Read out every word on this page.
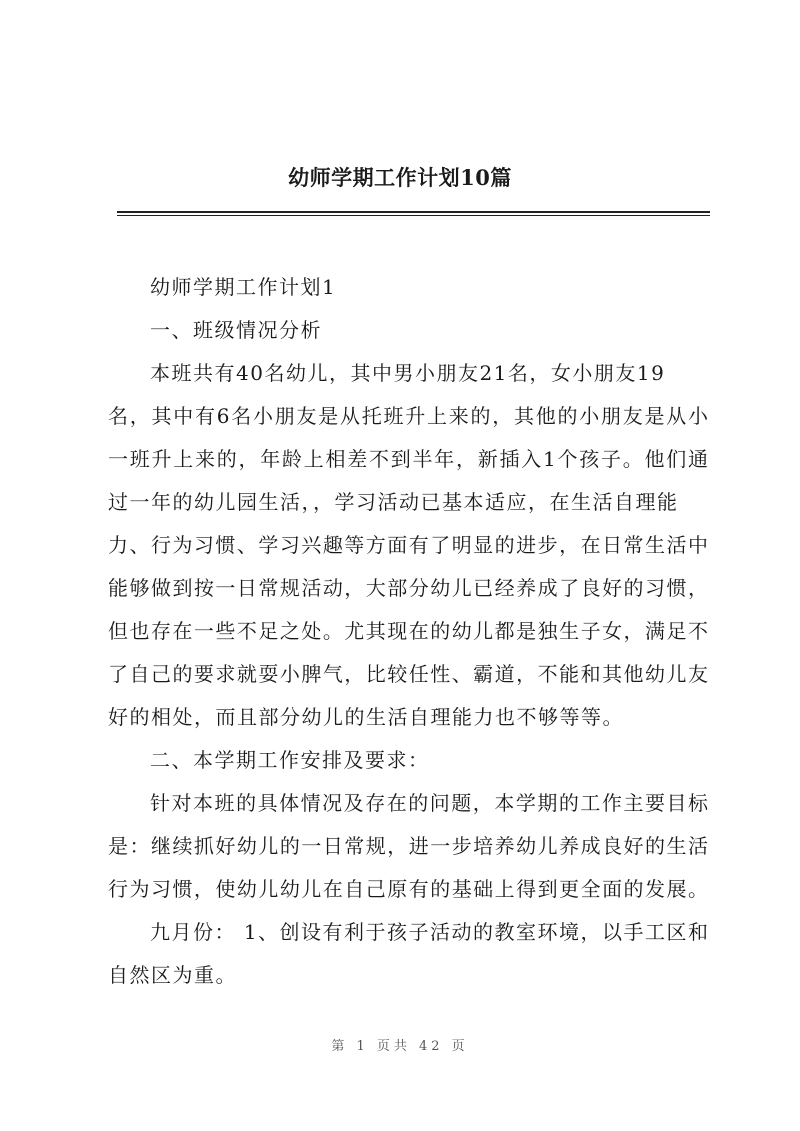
幼师学期工作计划10篇
幼师学期工作计划1
一、班级情况分析
本班共有40名幼儿，其中男小朋友21名，女小朋友19
名，其中有6名小朋友是从托班升上来的，其他的小朋友是从小
一班升上来的，年龄上相差不到半年，新插入1个孩子。他们通
过一年的幼儿园生活，，学习活动已基本适应，在生活自理能
力、行为习惯、学习兴趣等方面有了明显的进步，在日常生活中
能够做到按一日常规活动，大部分幼儿已经养成了良好的习惯，
但也存在一些不足之处。尤其现在的幼儿都是独生子女，满足不
了自己的要求就耍小脾气，比较任性、霸道，不能和其他幼儿友
好的相处，而且部分幼儿的生活自理能力也不够等等。
二、本学期工作安排及要求：
针对本班的具体情况及存在的问题，本学期的工作主要目标
是：继续抓好幼儿的一日常规，进一步培养幼儿养成良好的生活
行为习惯，使幼儿幼儿在自己原有的基础上得到更全面的发展。
九月份： 1、创设有利于孩子活动的教室环境，以手工区和
自然区为重。
第 1 页共 42 页
